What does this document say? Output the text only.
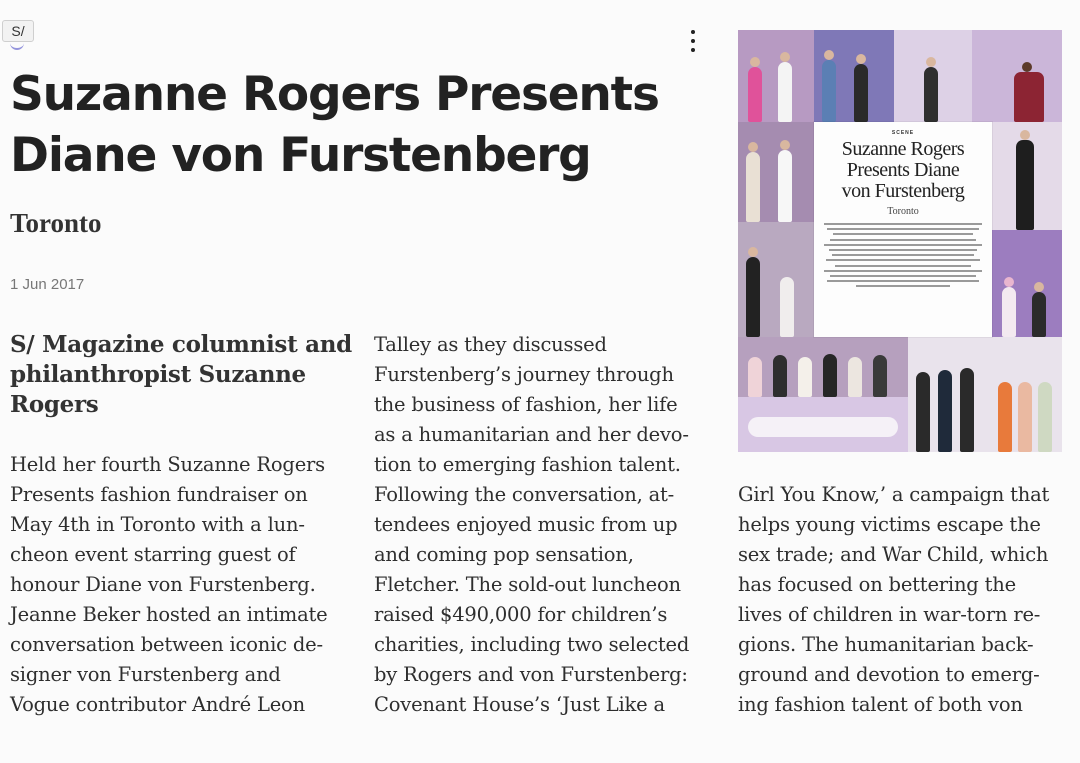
S/
Suzanne Rogers Presents
Diane von Furstenberg
Toronto
1 Jun 2017
SCENE
Suzanne Rogers
Presents Diane
von Furstenberg
Toronto
S/ Magazine columnist and
philanthropist Suzanne
Rogers

Held her fourth Suzanne Rogers
Presents fashion fundraiser on
May 4th in Toronto with a lun-
cheon event starring guest of
honour Diane von Furstenberg.
Jeanne Beker hosted an intimate
conversation between iconic de-
signer von Furstenberg and
Vogue contributor André Leon

Talley as they discussed
Furstenberg’s journey through
the business of fashion, her life
as a humanitarian and her devo-
tion to emerging fashion talent.
Following the conversation, at-
tendees enjoyed music from up
and coming pop sensation,
Fletcher. The sold-out luncheon
raised $490,000 for children’s
charities, including two selected
by Rogers and von Furstenberg:
Covenant House’s ‘Just Like a

Girl You Know,’ a campaign that
helps young victims escape the
sex trade; and War Child, which
has focused on bettering the
lives of children in war-torn re-
gions. The humanitarian back-
ground and devotion to emerg-
ing fashion talent of both von
